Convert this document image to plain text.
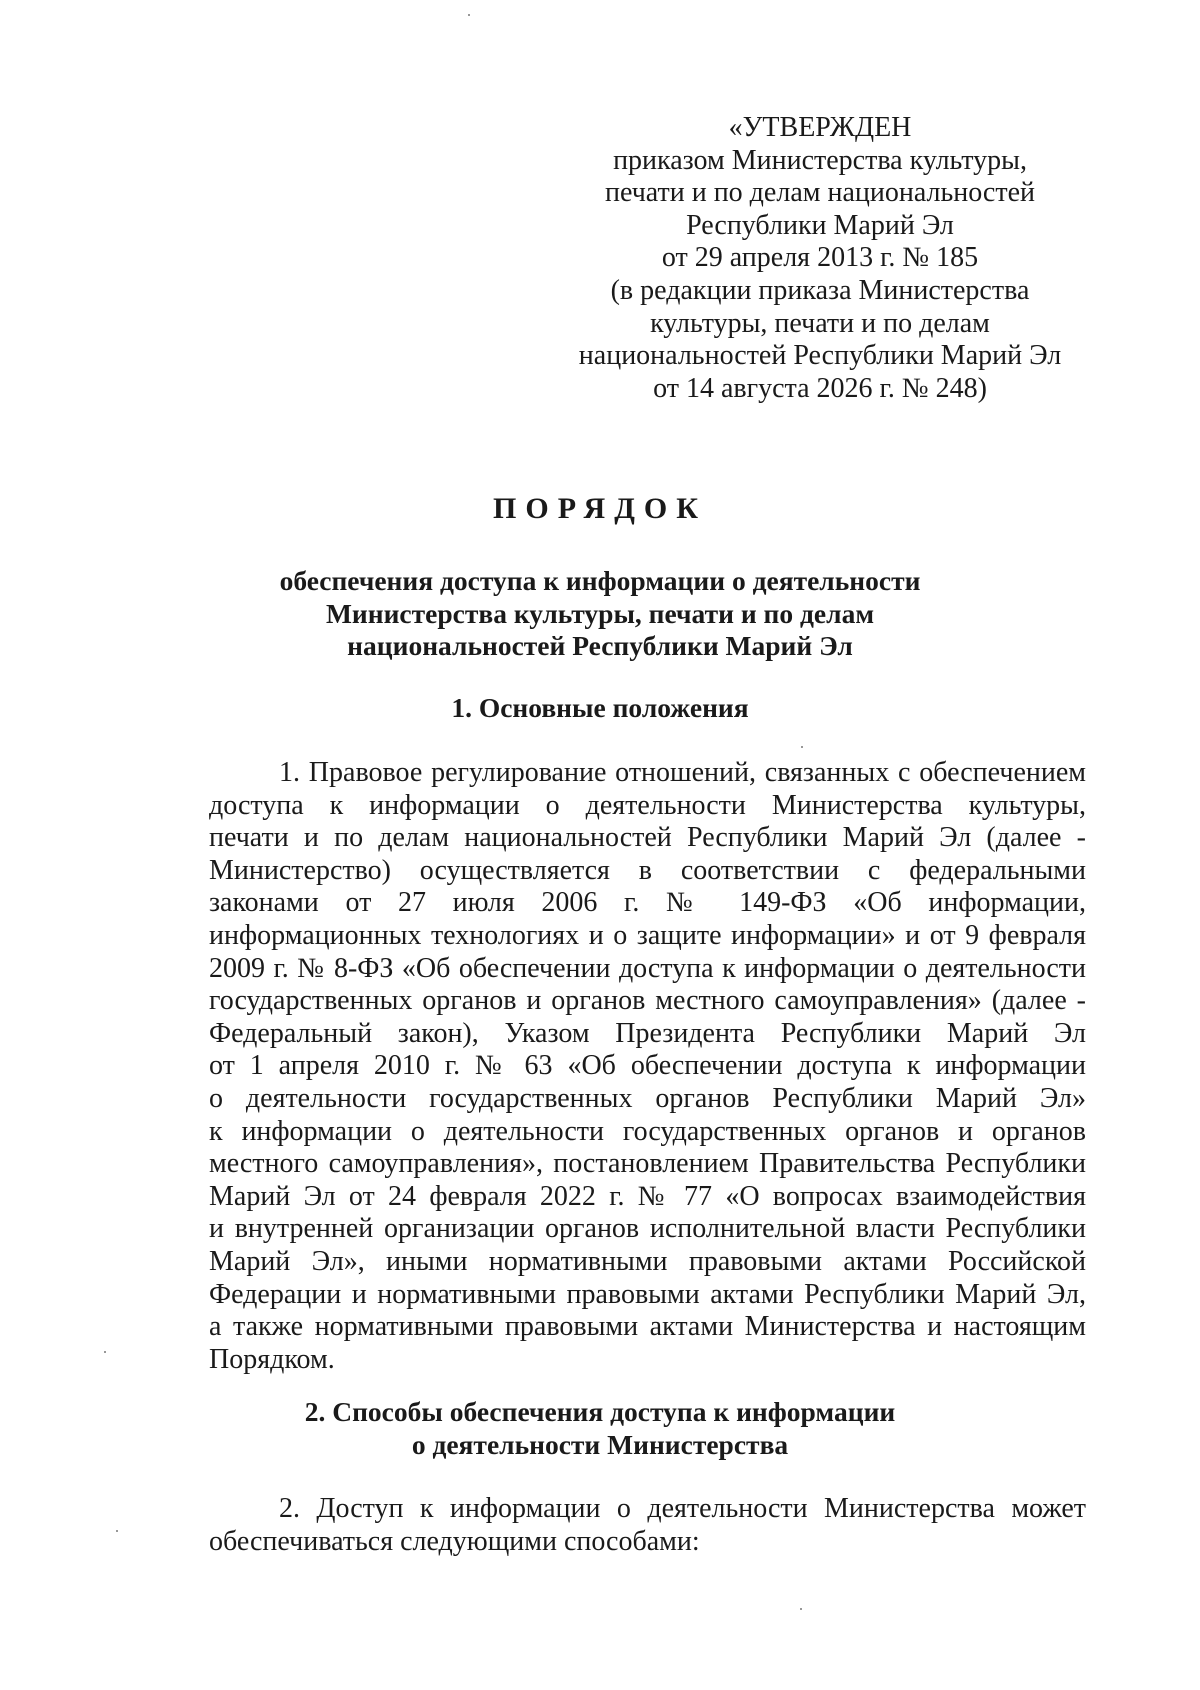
«УТВЕРЖДЕН
приказом Министерства культуры,
печати и по делам национальностей
Республики Марий Эл
от 29 апреля 2013 г. № 185
(в редакции приказа Министерства
культуры, печати и по делам
национальностей Республики Марий Эл
от 14 августа 2026 г. № 248)
ПОРЯДОК
обеспечения доступа к информации о деятельности
Министерства культуры, печати и по делам
национальностей Республики Марий Эл
1. Основные положения
1. Правовое регулирование отношений, связанных с обеспечением
доступа к информации о деятельности Министерства культуры,
печати и по делам национальностей Республики Марий Эл (далее -
Министерство) осуществляется в соответствии с федеральными
законами от 27 июля 2006 г. № 149-ФЗ «Об информации,
информационных технологиях и о защите информации» и от 9 февраля
2009 г. № 8-ФЗ «Об обеспечении доступа к информации о деятельности
государственных органов и органов местного самоуправления» (далее -
Федеральный закон), Указом Президента Республики Марий Эл
от 1 апреля 2010 г. № 63 «Об обеспечении доступа к информации
о деятельности государственных органов Республики Марий Эл»
к информации о деятельности государственных органов и органов
местного самоуправления», постановлением Правительства Республики
Марий Эл от 24 февраля 2022 г. № 77 «О вопросах взаимодействия
и внутренней организации органов исполнительной власти Республики
Марий Эл», иными нормативными правовыми актами Российской
Федерации и нормативными правовыми актами Республики Марий Эл,
а также нормативными правовыми актами Министерства и настоящим
Порядком.
2. Способы обеспечения доступа к информации
о деятельности Министерства
2. Доступ к информации о деятельности Министерства может
обеспечиваться следующими способами:
